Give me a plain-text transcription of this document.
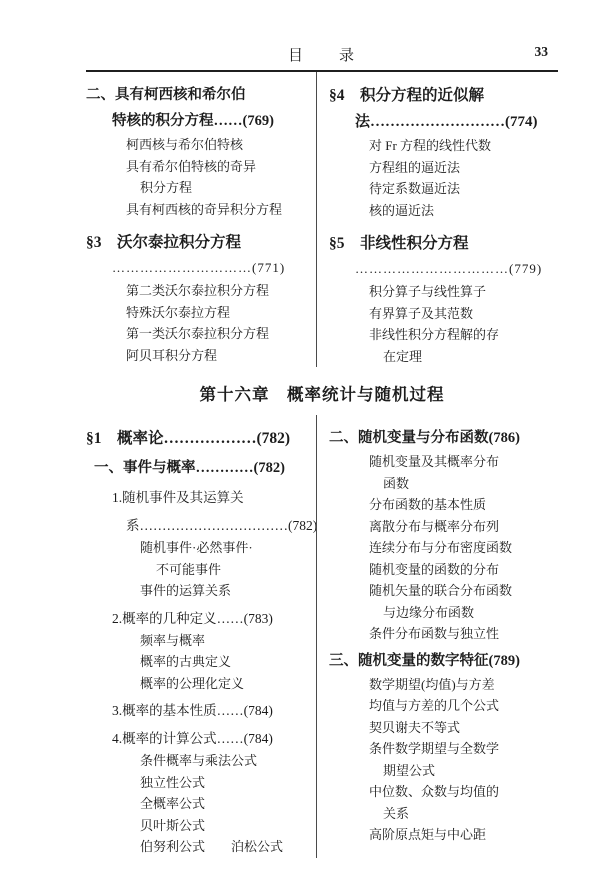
目　　录	33
二、具有柯西核和希尔伯
特核的积分方程……(769)
柯西核与希尔伯特核
具有希尔伯特核的奇异
积分方程
具有柯西核的奇异积分方程
§3　沃尔泰拉积分方程
…………………………(771)
第二类沃尔泰拉积分方程
特殊沃尔泰拉方程
第一类沃尔泰拉积分方程
阿贝耳积分方程
§4　积分方程的近似解
法………………………(774)
对 Fr 方程的线性代数
方程组的逼近法
待定系数逼近法
核的逼近法
§5　非线性积分方程
……………………………(779)
积分算子与线性算子
有界算子及其范数
非线性积分方程解的存
在定理
第十六章　概率统计与随机过程
§1　概率论………………(782)
一、事件与概率…………(782)
1.随机事件及其运算关
系……………………………(782)
随机事件·必然事件·
不可能事件
事件的运算关系
2.概率的几种定义……(783)
频率与概率
概率的古典定义
概率的公理化定义
3.概率的基本性质……(784)
4.概率的计算公式……(784)
条件概率与乘法公式
独立性公式
全概率公式
贝叶斯公式
伯努利公式　　泊松公式
二、随机变量与分布函数(786)
随机变量及其概率分布
函数
分布函数的基本性质
离散分布与概率分布列
连续分布与分布密度函数
随机变量的函数的分布
随机矢量的联合分布函数
与边缘分布函数
条件分布函数与独立性
三、随机变量的数字特征(789)
数学期望(均值)与方差
均值与方差的几个公式
契贝谢夫不等式
条件数学期望与全数学
期望公式
中位数、众数与均值的
关系
高阶原点矩与中心距
